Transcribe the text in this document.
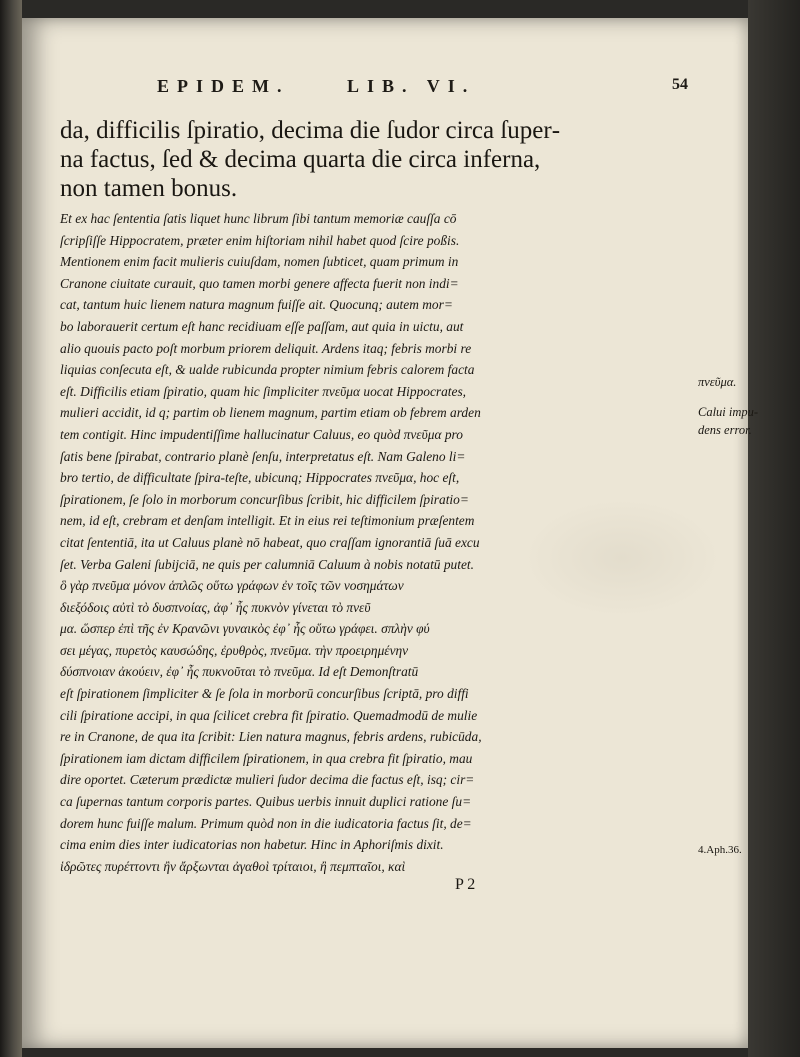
EPIDEM.	LIB. VI.	54
da, difficilis ſpiratio, decima die ſudor circa ſuper‐
na factus, ſed & decima quarta die circa inferna,
non tamen bonus.
Et ex hac ſententia ſatis liquet hunc librum ſibi tantum memoriæ cauſſa cō
ſcripſiſſe Hippocratem, præter enim hiſtoriam nihil habet quod ſcire poßis.
Mentionem enim facit mulieris cuiuſdam, nomen ſubticet, quam primum in
Cranone ciuitate curauit, quo tamen morbi genere affecta fuerit non indi=
cat, tantum huic lienem natura magnum fuiſſe ait. Quocunq; autem mor=
bo laborauerit certum eſt hanc recidiuam eſſe paſſam, aut quia in uictu, aut
alio quouis pacto poſt morbum priorem deliquit. Ardens itaq; febris morbi re
liquias conſecuta eſt, & ualde rubicunda propter nimium febris calorem facta
eſt. Difficilis etiam ſpiratio, quam hic ſimpliciter πνεῦμα uocat Hippocrates,
mulieri accidit, id q; partim ob lienem magnum, partim etiam ob febrem arden
tem contigit. Hinc impudentiſſime hallucinatur Caluus, eo quòd πνεῦμα pro
ſatis bene ſpirabat, contrario planè ſenſu, interpretatus eſt. Nam Galeno li=
bro tertio, de difficultate ſpira-teſte, ubicunq; Hippocrates πνεῦμα, hoc eſt,
ſpirationem, ſe ſolo in morborum concurſibus ſcribit, hic difficilem ſpiratio=
nem, id eſt, crebram et denſam intelligit. Et in eius rei teſtimonium præſentem
citat ſententiā, ita ut Caluus planè nō habeat, quo craſſam ignorantiā ſuā excu
ſet. Verba Galeni ſubijciā, ne quis per calumniā Caluum à nobis notatū putet.
ὃ γὰρ πνεῦμα μόνον ἁπλῶς οὕτω γράφων ἐν τοῖς τῶν νοσημάτων
διεξόδοις αὐτὶ τὸ δυσπνοίας, ἀφ᾽ ἧς πυκνὸν γίνεται τὸ πνεῦ
μα. ὥσπερ ἐπὶ τῆς ἐν Κρανῶνι γυναικὸς ἐφ᾽ ἧς οὕτω γράφει. σπλὴν φύ
σει μέγας, πυρετὸς καυσώδης, ἐρυθρὸς, πνεῦμα. τὴν προειρημένην
δύσπνοιαν ἀκούειν, ἐφ᾽ ἧς πυκνοῦται τὸ πνεῦμα. Id eſt Demonſtratū
eſt ſpirationem ſimpliciter & ſe ſola in morborū concurſibus ſcriptā, pro diffi
cili ſpiratione accipi, in qua ſcilicet crebra fit ſpiratio. Quemadmodū de mulie
re in Cranone, de qua ita ſcribit: Lien natura magnus, febris ardens, rubicūda,
ſpirationem iam dictam difficilem ſpirationem, in qua crebra fit ſpiratio, mau
dire oportet. Cæterum prædictæ mulieri ſudor decima die factus eſt, isq; cir=
ca ſupernas tantum corporis partes. Quibus uerbis innuit duplici ratione ſu=
dorem hunc fuiſſe malum. Primum quòd non in die iudicatoria factus ſit, de=
cima enim dies inter iudicatorias non habetur. Hinc in Aphoriſmis dixit.
ἱδρῶτες πυρέττοντι ἢν ἄρξωνται ἀγαθοὶ τρίταιοι, ἢ πεμπταῖοι, καὶ
πνεῦμα.
Calui impu-
dens error.
4.Aph.36.
P 2
